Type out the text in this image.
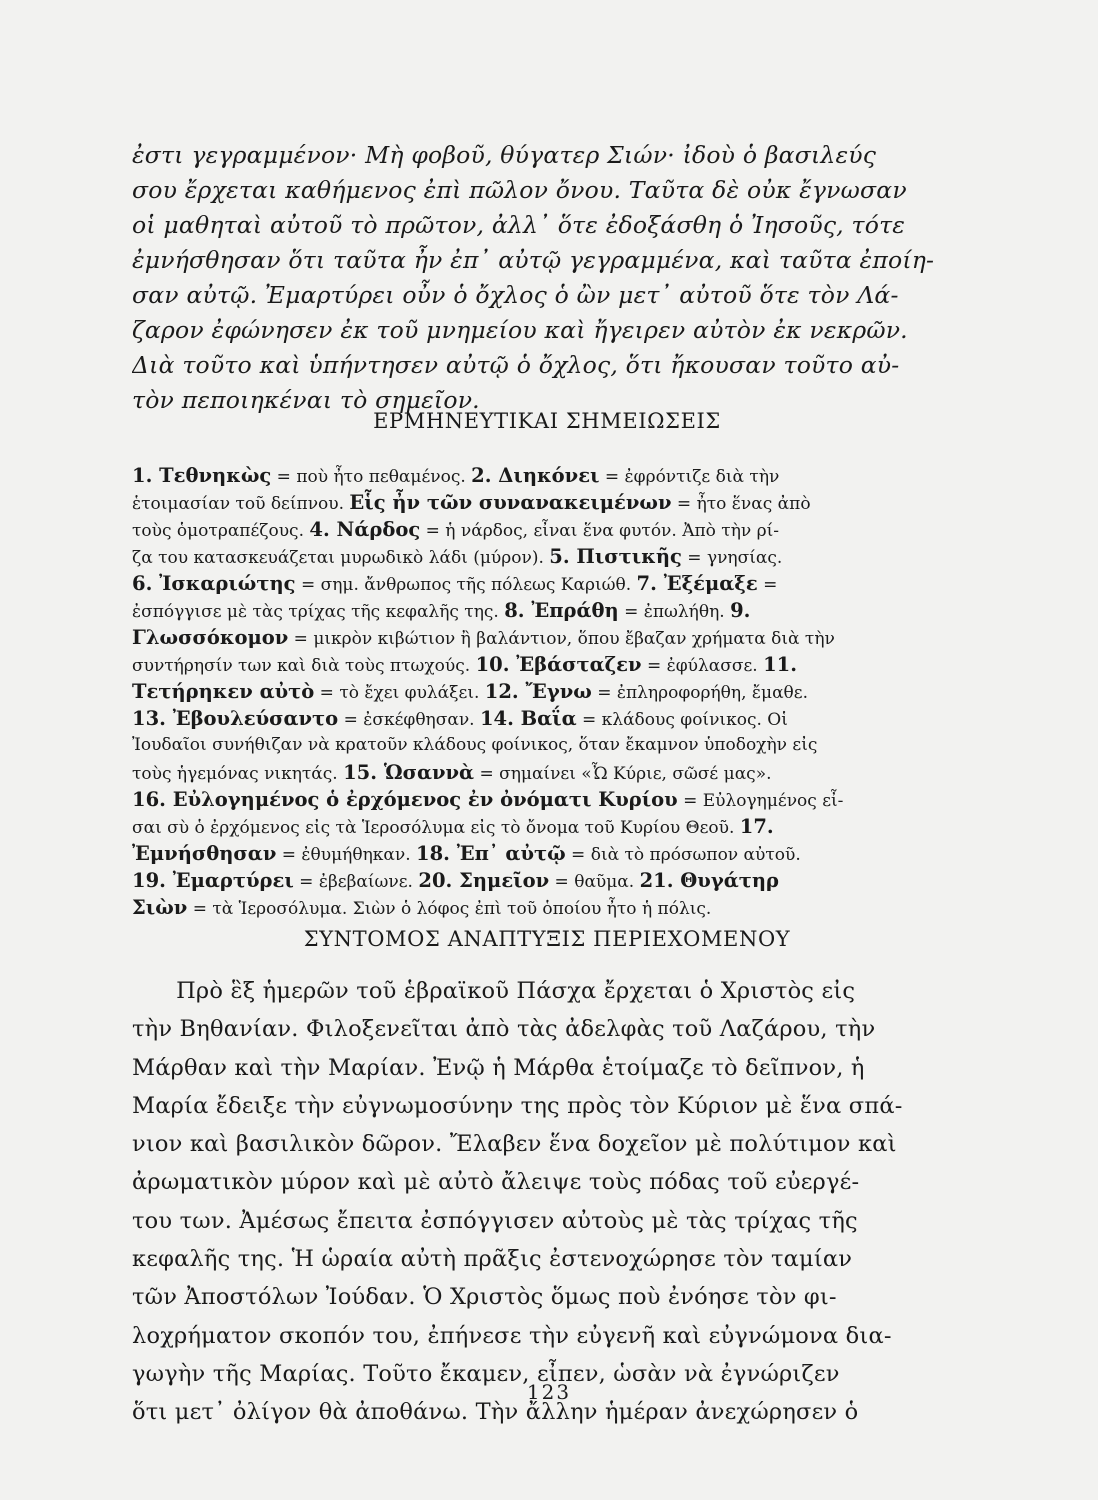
ἐστι γεγραμμένον· Μὴ φοβοῦ, θύγατερ Σιών· ἰδοὺ ὁ βασιλεύς
σου ἔρχεται καθήμενος ἐπὶ πῶλον ὄνου. Ταῦτα δὲ οὐκ ἔγνωσαν
οἱ μαθηταὶ αὐτοῦ τὸ πρῶτον, ἀλλ᾽ ὅτε ἐδοξάσθη ὁ Ἰησοῦς, τότε
ἐμνήσθησαν ὅτι ταῦτα ἦν ἐπ᾽ αὐτῷ γεγραμμένα, καὶ ταῦτα ἐποίη-
σαν αὐτῷ. Ἐμαρτύρει οὖν ὁ ὄχλος ὁ ὢν μετ᾽ αὐτοῦ ὅτε τὸν Λά-
ζαρον ἐφώνησεν ἐκ τοῦ μνημείου καὶ ἤγειρεν αὐτὸν ἐκ νεκρῶν.
Διὰ τοῦτο καὶ ὑπήντησεν αὐτῷ ὁ ὄχλος, ὅτι ἤκουσαν τοῦτο αὐ-
τὸν πεποιηκέναι τὸ σημεῖον.
ΕΡΜΗΝΕΥΤΙΚΑΙ ΣΗΜΕΙΩΣΕΙΣ
1. Τεθνηκὼς = ποὺ ἦτο πεθαμένος. 2. Διηκόνει = ἐφρόντιζε διὰ τὴν
ἑτοιμασίαν τοῦ δείπνου. Εἷς ἦν τῶν συνανακειμένων = ἦτο ἕνας ἀπὸ
τοὺς ὁμοτραπέζους. 4. Νάρδος = ἡ νάρδος, εἶναι ἕνα φυτόν. Ἀπὸ τὴν ρί-
ζα του κατασκευάζεται μυρωδικὸ λάδι (μύρον). 5. Πιστικῆς = γνησίας.
6. Ἰσκαριώτης = σημ. ἄνθρωπος τῆς πόλεως Καριώθ. 7. Ἐξέμαξε =
ἐσπόγγισε μὲ τὰς τρίχας τῆς κεφαλῆς της. 8. Ἐπράθη = ἐπωλήθη. 9.
Γλωσσόκομον = μικρὸν κιβώτιον ἢ βαλάντιον, ὅπου ἔβαζαν χρήματα διὰ τὴν
συντήρησίν των καὶ διὰ τοὺς πτωχούς. 10. Ἐβάσταζεν = ἐφύλασσε. 11.
Τετήρηκεν αὐτὸ = τὸ ἔχει φυλάξει. 12. Ἔγνω = ἐπληροφορήθη, ἔμαθε.
13. Ἐβουλεύσαντο = ἐσκέφθησαν. 14. Βαΐα = κλάδους φοίνικος. Οἱ
Ἰουδαῖοι συνήθιζαν νὰ κρατοῦν κλάδους φοίνικος, ὅταν ἔκαμνον ὑποδοχὴν εἰς
τοὺς ἡγεμόνας νικητάς. 15. Ὡσαννὰ = σημαίνει «Ὦ Κύριε, σῶσέ μας».
16. Εὐλογημένος ὁ ἐρχόμενος ἐν ὀνόματι Κυρίου = Εὐλογημένος εἶ-
σαι σὺ ὁ ἐρχόμενος εἰς τὰ Ἱεροσόλυμα εἰς τὸ ὄνομα τοῦ Κυρίου Θεοῦ. 17.
Ἐμνήσθησαν = ἐθυμήθηκαν. 18. Ἐπ᾽ αὐτῷ = διὰ τὸ πρόσωπον αὐτοῦ.
19. Ἐμαρτύρει = ἐβεβαίωνε. 20. Σημεῖον = θαῦμα. 21. Θυγάτηρ
Σιὼν = τὰ Ἱεροσόλυμα. Σιὼν ὁ λόφος ἐπὶ τοῦ ὁποίου ἦτο ἡ πόλις.
ΣΥΝΤΟΜΟΣ ΑΝΑΠΤΥΞΙΣ ΠΕΡΙΕΧΟΜΕΝΟΥ
Πρὸ ἓξ ἡμερῶν τοῦ ἑβραϊκοῦ Πάσχα ἔρχεται ὁ Χριστὸς εἰς
τὴν Βηθανίαν. Φιλοξενεῖται ἀπὸ τὰς ἀδελφὰς τοῦ Λαζάρου, τὴν
Μάρθαν καὶ τὴν Μαρίαν. Ἐνῷ ἡ Μάρθα ἑτοίμαζε τὸ δεῖπνον, ἡ
Μαρία ἔδειξε τὴν εὐγνωμοσύνην της πρὸς τὸν Κύριον μὲ ἕνα σπά-
νιον καὶ βασιλικὸν δῶρον. Ἔλαβεν ἕνα δοχεῖον μὲ πολύτιμον καὶ
ἀρωματικὸν μύρον καὶ μὲ αὐτὸ ἄλειψε τοὺς πόδας τοῦ εὐεργέ-
του των. Ἀμέσως ἔπειτα ἐσπόγγισεν αὐτοὺς μὲ τὰς τρίχας τῆς
κεφαλῆς της. Ἡ ὡραία αὐτὴ πρᾶξις ἐστενοχώρησε τὸν ταμίαν
τῶν Ἀποστόλων Ἰούδαν. Ὁ Χριστὸς ὅμως ποὺ ἐνόησε τὸν φι-
λοχρήματον σκοπόν του, ἐπήνεσε τὴν εὐγενῆ καὶ εὐγνώμονα δια-
γωγὴν τῆς Μαρίας. Τοῦτο ἔκαμεν, εἶπεν, ὡσὰν νὰ ἐγνώριζεν
ὅτι μετ᾽ ὀλίγον θὰ ἀποθάνω. Τὴν ἄλλην ἡμέραν ἀνεχώρησεν ὁ
123
